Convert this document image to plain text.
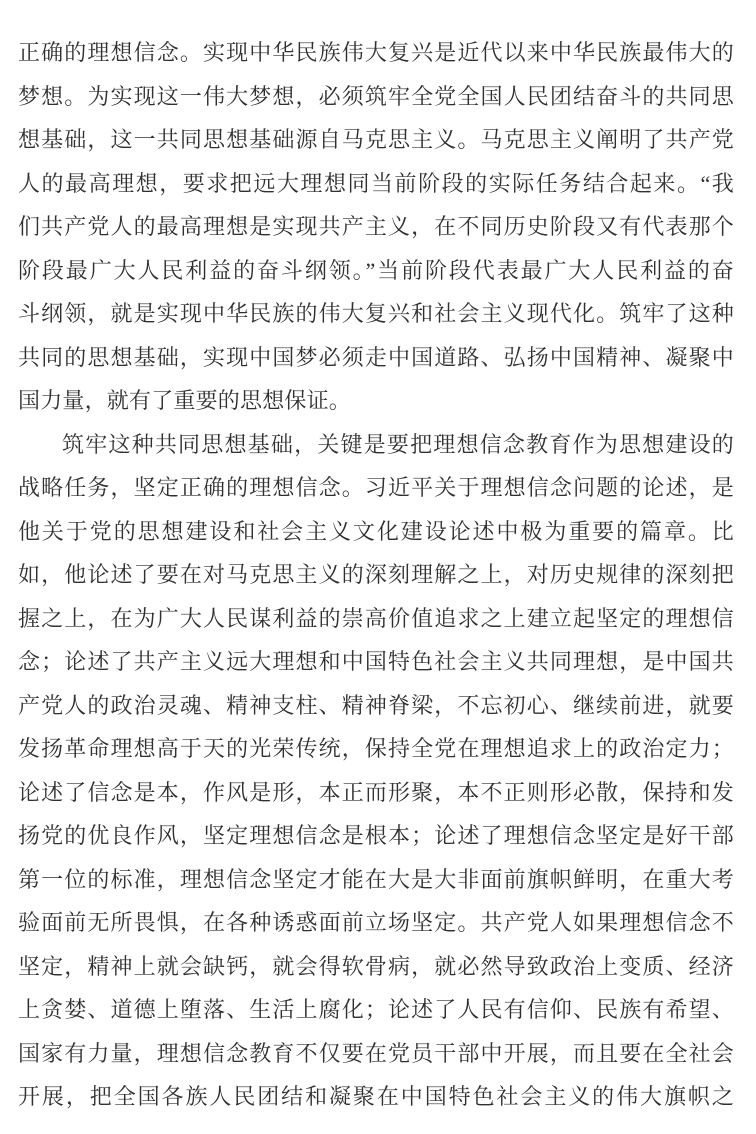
正确的理想信念。实现中华民族伟大复兴是近代以来中华民族最伟大的
梦想。为实现这一伟大梦想，必须筑牢全党全国人民团结奋斗的共同思
想基础，这一共同思想基础源自马克思主义。马克思主义阐明了共产党
人的最高理想，要求把远大理想同当前阶段的实际任务结合起来。“我
们共产党人的最高理想是实现共产主义，在不同历史阶段又有代表那个
阶段最广大人民利益的奋斗纲领。”当前阶段代表最广大人民利益的奋
斗纲领，就是实现中华民族的伟大复兴和社会主义现代化。筑牢了这种
共同的思想基础，实现中国梦必须走中国道路、弘扬中国精神、凝聚中
国力量，就有了重要的思想保证。
筑牢这种共同思想基础，关键是要把理想信念教育作为思想建设的
战略任务，坚定正确的理想信念。习近平关于理想信念问题的论述，是
他关于党的思想建设和社会主义文化建设论述中极为重要的篇章。比
如，他论述了要在对马克思主义的深刻理解之上，对历史规律的深刻把
握之上，在为广大人民谋利益的崇高价值追求之上建立起坚定的理想信
念；论述了共产主义远大理想和中国特色社会主义共同理想，是中国共
产党人的政治灵魂、精神支柱、精神脊梁，不忘初心、继续前进，就要
发扬革命理想高于天的光荣传统，保持全党在理想追求上的政治定力；
论述了信念是本，作风是形，本正而形聚，本不正则形必散，保持和发
扬党的优良作风，坚定理想信念是根本；论述了理想信念坚定是好干部
第一位的标准，理想信念坚定才能在大是大非面前旗帜鲜明，在重大考
验面前无所畏惧，在各种诱惑面前立场坚定。共产党人如果理想信念不
坚定，精神上就会缺钙，就会得软骨病，就必然导致政治上变质、经济
上贪婪、道德上堕落、生活上腐化；论述了人民有信仰、民族有希望、
国家有力量，理想信念教育不仅要在党员干部中开展，而且要在全社会
开展，把全国各族人民团结和凝聚在中国特色社会主义的伟大旗帜之
